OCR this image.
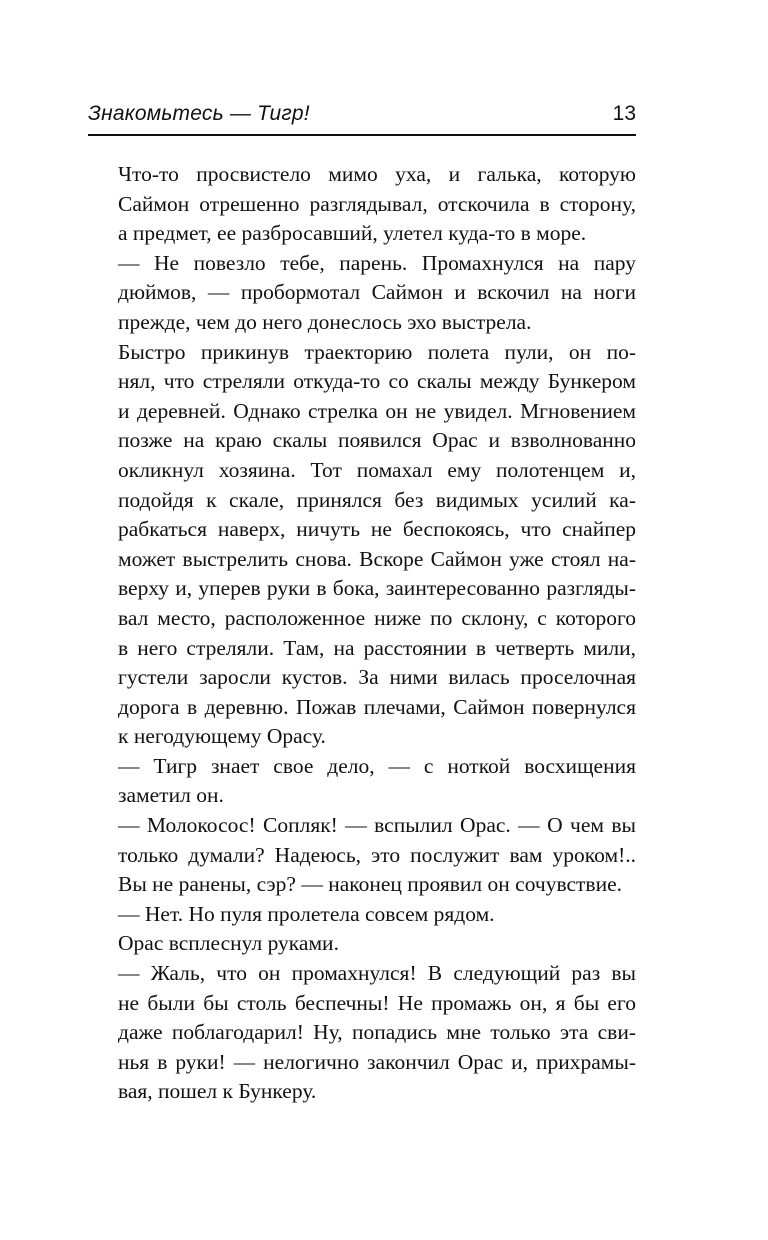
Знакомьтесь — Тигр!	13
Что-то просвистело мимо уха, и галька, которую
Саймон отрешенно разглядывал, отскочила в сторону,
а предмет, ее разбросавший, улетел куда-то в море.
— Не повезло тебе, парень. Промахнулся на пару
дюймов, — пробормотал Саймон и вскочил на ноги
прежде, чем до него донеслось эхо выстрела.
Быстро прикинув траекторию полета пули, он по-
нял, что стреляли откуда-то со скалы между Бункером
и деревней. Однако стрелка он не увидел. Мгновением
позже на краю скалы появился Орас и взволнованно
окликнул хозяина. Тот помахал ему полотенцем и,
подойдя к скале, принялся без видимых усилий ка-
рабкаться наверх, ничуть не беспокоясь, что снайпер
может выстрелить снова. Вскоре Саймон уже стоял на-
верху и, уперев руки в бока, заинтересованно разгляды-
вал место, расположенное ниже по склону, с которого
в него стреляли. Там, на расстоянии в четверть мили,
густели заросли кустов. За ними вилась проселочная
дорога в деревню. Пожав плечами, Саймон повернулся
к негодующему Орасу.
— Тигр знает свое дело, — с ноткой восхищения
заметил он.
— Молокосос! Сопляк! — вспылил Орас. — О чем вы
только думали? Надеюсь, это послужит вам уроком!..
Вы не ранены, сэр? — наконец проявил он сочувствие.
— Нет. Но пуля пролетела совсем рядом.
Орас всплеснул руками.
— Жаль, что он промахнулся! В следующий раз вы
не были бы столь беспечны! Не промажь он, я бы его
даже поблагодарил! Ну, попадись мне только эта сви-
нья в руки! — нелогично закончил Орас и, прихрамы-
вая, пошел к Бункеру.
